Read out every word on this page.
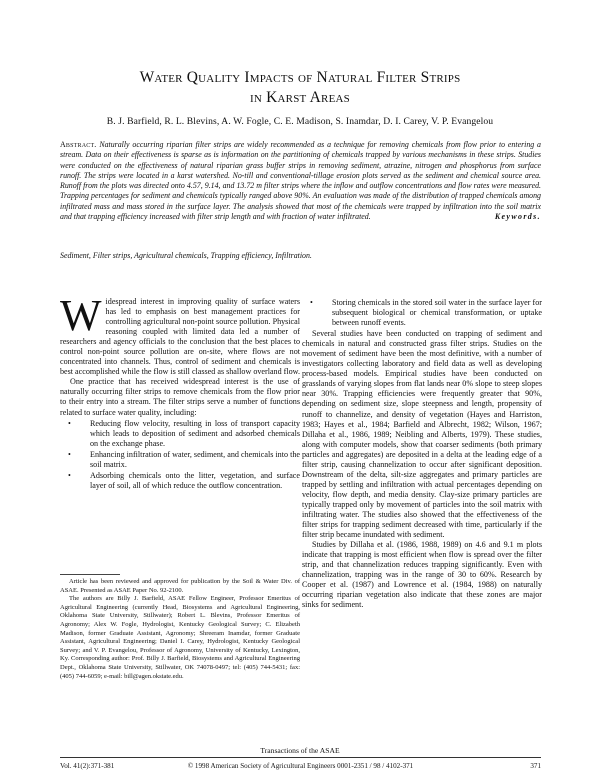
Water Quality Impacts of Natural Filter Strips
in Karst Areas
B. J. Barfield, R. L. Blevins, A. W. Fogle, C. E. Madison, S. Inamdar, D. I. Carey, V. P. Evangelou
Abstract. Naturally occurring riparian filter strips are widely recommended as a technique for removing chemicals from flow prior to entering a stream. Data on their effectiveness is sparse as is information on the partitioning of chemicals trapped by various mechanisms in these strips. Studies were conducted on the effectiveness of natural riparian grass buffer strips in removing sediment, atrazine, nitrogen and phosphorus from surface runoff. The strips were located in a karst watershed. No-till and conventional-tillage erosion plots served as the sediment and chemical source area. Runoff from the plots was directed onto 4.57, 9.14, and 13.72 m filter strips where the inflow and outflow concentrations and flow rates were measured. Trapping percentages for sediment and chemicals typically ranged above 90%. An evaluation was made of the distribution of trapped chemicals among infiltrated mass and mass stored in the surface layer. The analysis showed that most of the chemicals were trapped by infiltration into the soil matrix and that trapping efficiency increased with filter strip length and with fraction of water infiltrated.	Keywords.
Sediment, Filter strips, Agricultural chemicals, Trapping efficiency, Infiltration.

Widespread interest in improving quality of surface waters has led to emphasis on best management practices for controlling agricultural non-point source pollution. Physical reasoning coupled with limited data led a number of researchers and agency officials to the conclusion that the best places to control non-point source pollution are on-site, where flows are not concentrated into channels. Thus, control of sediment and chemicals is best accomplished while the flow is still classed as shallow overland flow.

One practice that has received widespread interest is the use of naturally occurring filter strips to remove chemicals from the flow prior to their entry into a stream. The filter strips serve a number of functions related to surface water quality, including:

• Reducing flow velocity, resulting in loss of transport capacity which leads to deposition of sediment and adsorbed chemicals on the exchange phase.
• Enhancing infiltration of water, sediment, and chemicals into the soil matrix.
• Adsorbing chemicals onto the litter, vegetation, and surface layer of soil, all of which reduce the outflow concentration.

Article has been reviewed and approved for publication by the Soil & Water Div. of ASAE. Presented as ASAE Paper No. 92-2100.

The authors are Billy J. Barfield, ASAE Fellow Engineer, Professor Emeritus of Agricultural Engineering (currently Head, Biosystems and Agricultural Engineering, Oklahoma State University, Stillwater); Robert L. Blevins, Professor Emeritus of Agronomy; Alex W. Fogle, Hydrologist, Kentucky Geological Survey; C. Elizabeth Madison, former Graduate Assistant, Agronomy; Shreeram Inamdar, former Graduate Assistant, Agricultural Engineering; Daniel I. Carey, Hydrologist, Kentucky Geological Survey; and V. P. Evangelou, Professor of Agronomy, University of Kentucky, Lexington, Ky. Corresponding author: Prof. Billy J. Barfield, Biosystems and Agricultural Engineering Dept., Oklahoma State University, Stillwater, OK 74078-0497; tel: (405) 744-5431; fax: (405) 744-6059; e-mail: bill@agen.okstate.edu.

• Storing chemicals in the stored soil water in the surface layer for subsequent biological or chemical transformation, or uptake between runoff events.

Several studies have been conducted on trapping of sediment and chemicals in natural and constructed grass filter strips. Studies on the movement of sediment have been the most definitive, with a number of investigators collecting laboratory and field data as well as developing process-based models. Empirical studies have been conducted on grasslands of varying slopes from flat lands near 0% slope to steep slopes near 30%. Trapping efficiencies were frequently greater that 90%, depending on sediment size, slope steepness and length, propensity of runoff to channelize, and density of vegetation (Hayes and Harriston, 1983; Hayes et al., 1984; Barfield and Albrecht, 1982; Wilson, 1967; Dillaha et al., 1986, 1989; Neibling and Alberts, 1979). These studies, along with computer models, show that coarser sediments (both primary particles and aggregates) are deposited in a delta at the leading edge of a filter strip, causing channelization to occur after significant deposition. Downstream of the delta, silt-size aggregates and primary particles are trapped by settling and infiltration with actual percentages depending on velocity, flow depth, and media density. Clay-size primary particles are typically trapped only by movement of particles into the soil matrix with infiltrating water. The studies also showed that the effectiveness of the filter strips for trapping sediment decreased with time, particularly if the filter strip became inundated with sediment.

Studies by Dillaha et al. (1986, 1988, 1989) on 4.6 and 9.1 m plots indicate that trapping is most efficient when flow is spread over the filter strip, and that channelization reduces trapping significantly. Even with channelization, trapping was in the range of 30 to 60%. Research by Cooper et al. (1987) and Lowrence et al. (1984, 1988) on naturally occurring riparian vegetation also indicate that these zones are major sinks for sediment.

Transactions of the ASAE
© 1998 American Society of Agricultural Engineers 0001-2351 / 98 / 4102-371
Vol. 41(2):371-381	371
